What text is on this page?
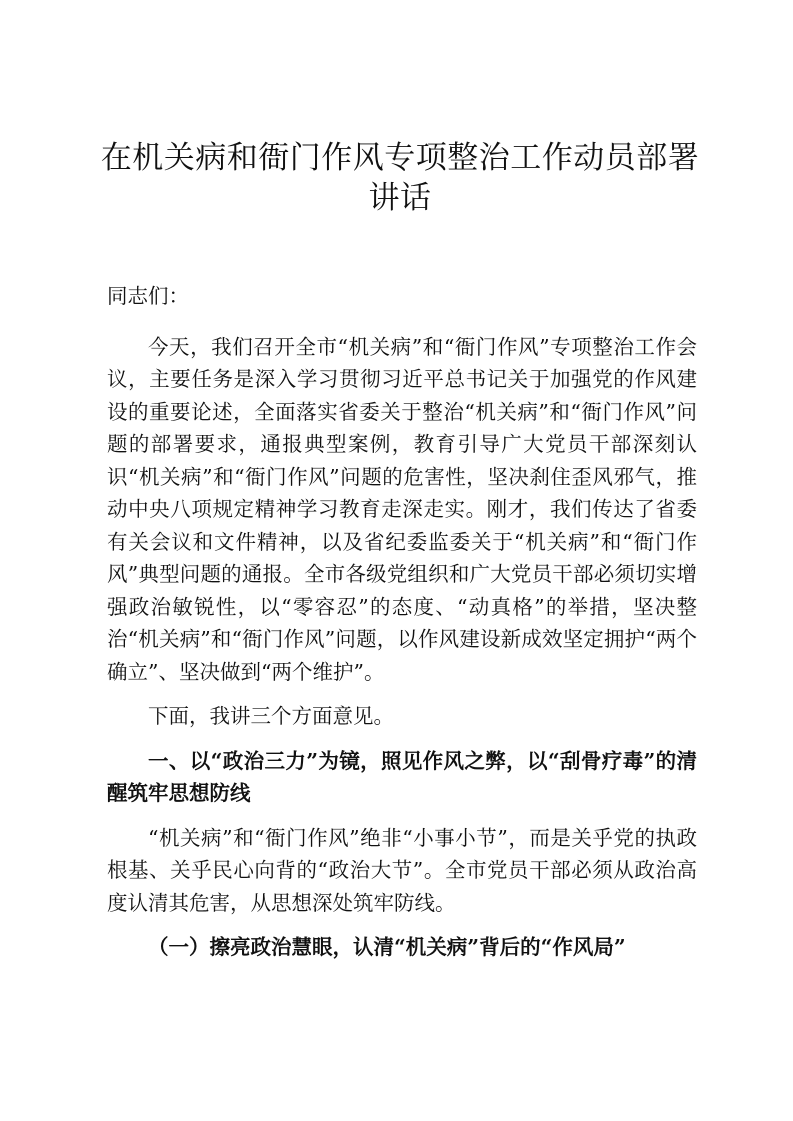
在机关病和衙门作风专项整治工作动员部署讲话

同志们：

今天，我们召开全市“机关病”和“衙门作风”专项整治工作会议，主要任务是深入学习贯彻习近平总书记关于加强党的作风建设的重要论述，全面落实省委关于整治“机关病”和“衙门作风”问题的部署要求，通报典型案例，教育引导广大党员干部深刻认识“机关病”和“衙门作风”问题的危害性，坚决刹住歪风邪气，推动中央八项规定精神学习教育走深走实。刚才，我们传达了省委有关会议和文件精神，以及省纪委监委关于“机关病”和“衙门作风”典型问题的通报。全市各级党组织和广大党员干部必须切实增强政治敏锐性，以“零容忍”的态度、“动真格”的举措，坚决整治“机关病”和“衙门作风”问题，以作风建设新成效坚定拥护“两个确立”、坚决做到“两个维护”。

下面，我讲三个方面意见。

一、以“政治三力”为镜，照见作风之弊，以“刮骨疗毒”的清醒筑牢思想防线

“机关病”和“衙门作风”绝非“小事小节”，而是关乎党的执政根基、关乎民心向背的“政治大节”。全市党员干部必须从政治高度认清其危害，从思想深处筑牢防线。

（一）擦亮政治慧眼，认清“机关病”背后的“作风局”
